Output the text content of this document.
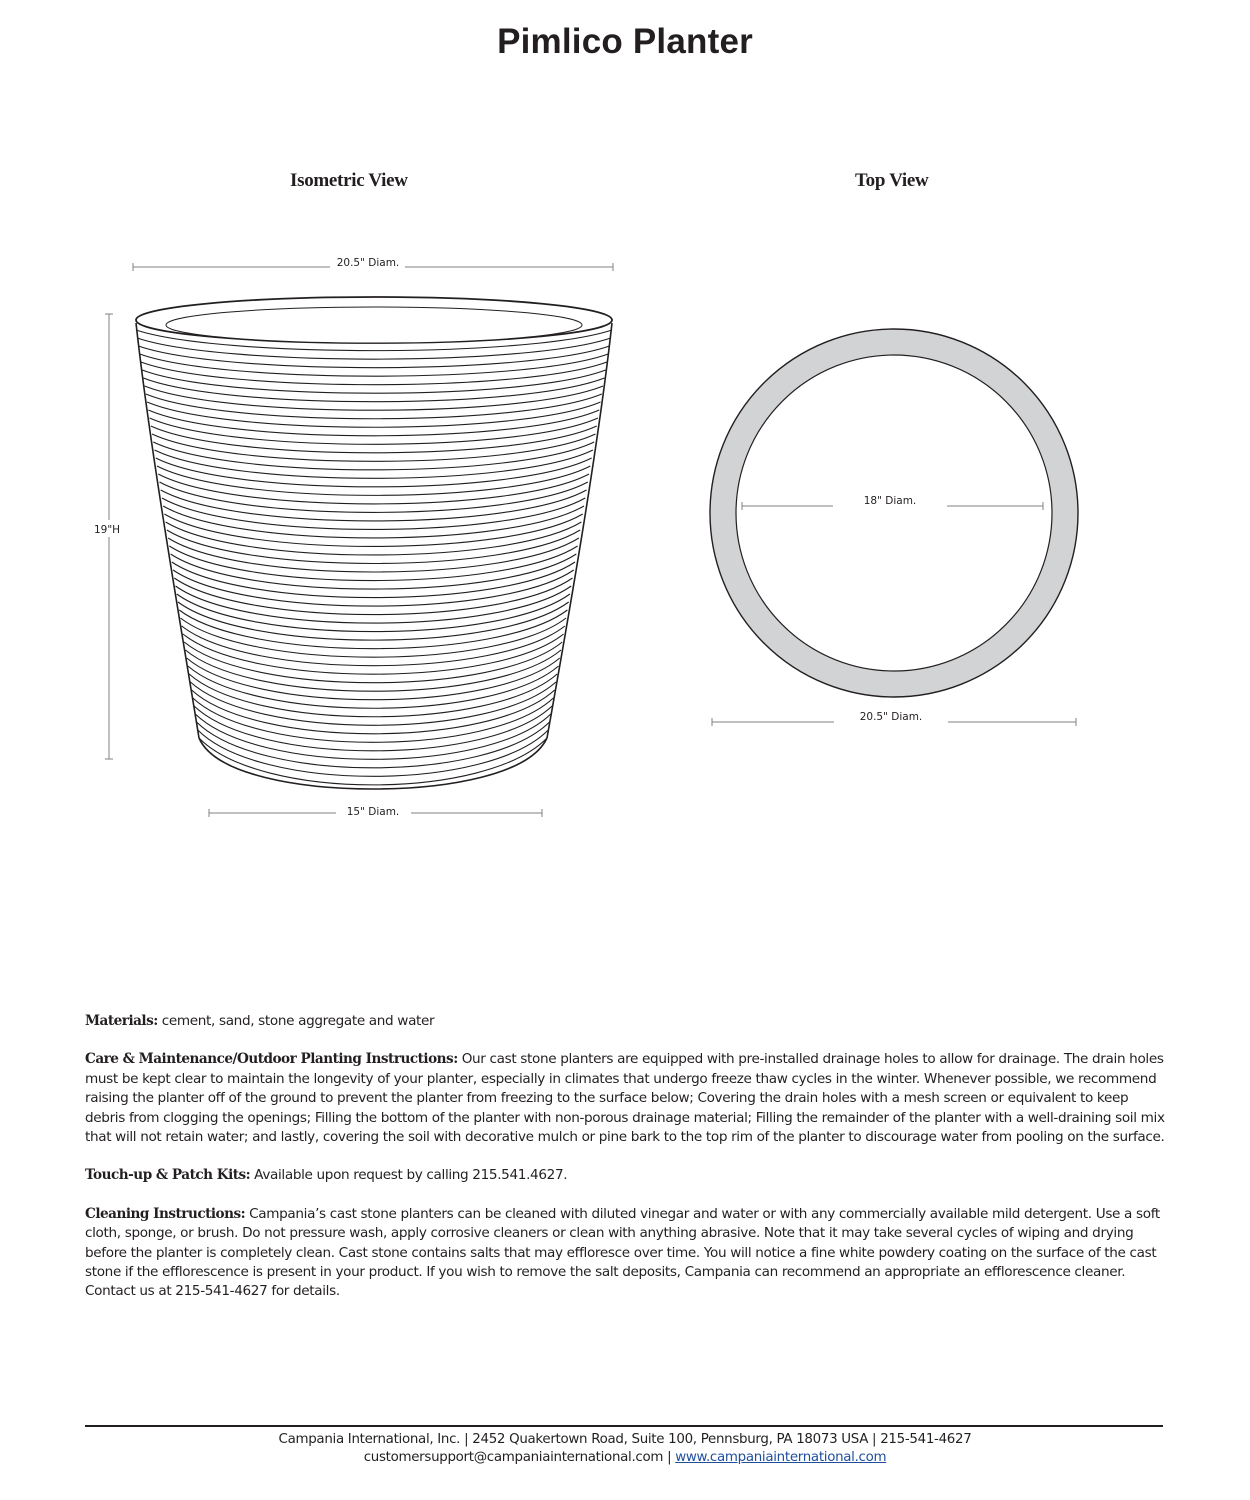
Pimlico Planter
Isometric View	Top View
20.5" Diam.
19"H
15" Diam.
18" Diam.
20.5" Diam.

Materials: cement, sand, stone aggregate and water

Care & Maintenance/Outdoor Planting Instructions: Our cast stone planters are equipped with pre-installed drainage holes to allow for drainage. The drain holes must be kept clear to maintain the longevity of your planter, especially in climates that undergo freeze thaw cycles in the winter. Whenever possible, we recommend raising the planter off of the ground to prevent the planter from freezing to the surface below; Covering the drain holes with a mesh screen or equivalent to keep debris from clogging the openings; Filling the bottom of the planter with non-porous drainage material; Filling the remainder of the planter with a well-draining soil mix that will not retain water; and lastly, covering the soil with decorative mulch or pine bark to the top rim of the planter to discourage water from pooling on the surface.

Touch-up & Patch Kits: Available upon request by calling 215.541.4627.

Cleaning Instructions: Campania’s cast stone planters can be cleaned with diluted vinegar and water or with any commercially available mild detergent. Use a soft cloth, sponge, or brush. Do not pressure wash, apply corrosive cleaners or clean with anything abrasive. Note that it may take several cycles of wiping and drying before the planter is completely clean. Cast stone contains salts that may effloresce over time. You will notice a fine white powdery coating on the surface of the cast stone if the efflorescence is present in your product. If you wish to remove the salt deposits, Campania can recommend an appropriate an efflorescence cleaner. Contact us at 215-541-4627 for details.

Campania International, Inc. | 2452 Quakertown Road, Suite 100, Pennsburg, PA 18073 USA | 215-541-4627
customersupport@campaniainternational.com | www.campaniainternational.com
